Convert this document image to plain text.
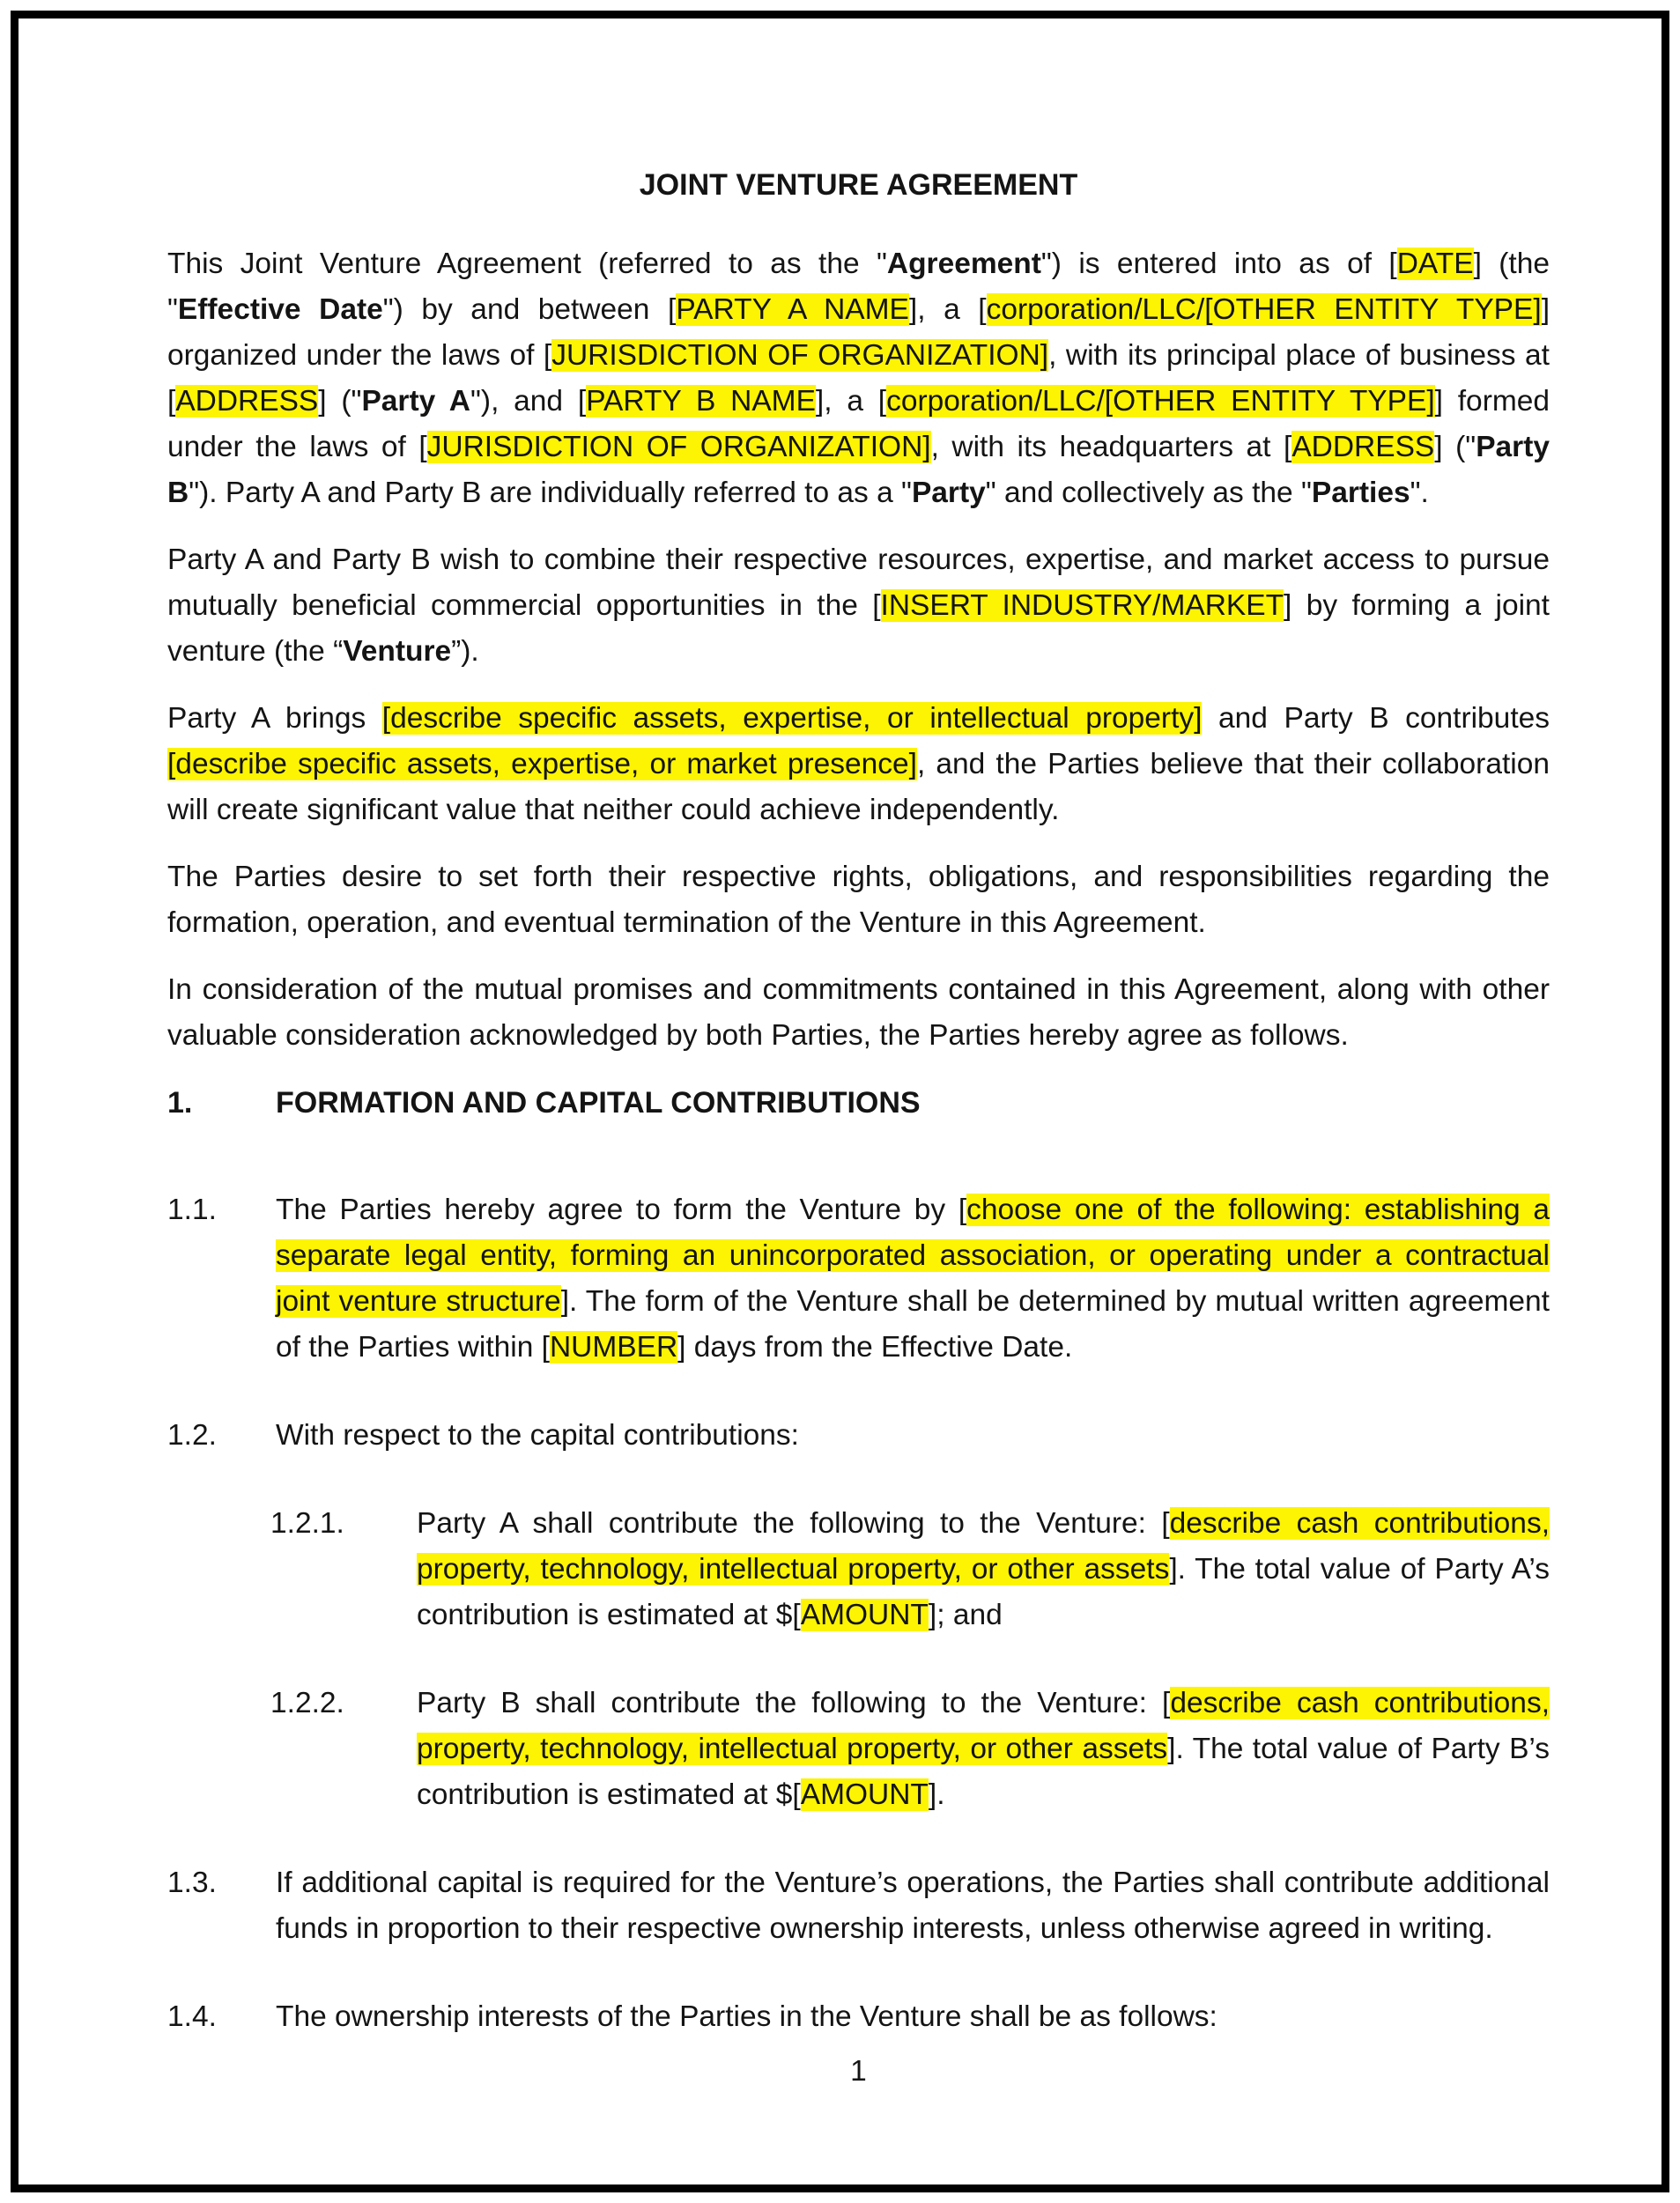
JOINT VENTURE AGREEMENT

This Joint Venture Agreement (referred to as the "Agreement") is entered into as of [DATE] (the "Effective Date") by and between [PARTY A NAME], a [corporation/LLC/[OTHER ENTITY TYPE]] organized under the laws of [JURISDICTION OF ORGANIZATION], with its principal place of business at [ADDRESS] ("Party A"), and [PARTY B NAME], a [corporation/LLC/[OTHER ENTITY TYPE]] formed under the laws of [JURISDICTION OF ORGANIZATION], with its headquarters at [ADDRESS] ("Party B"). Party A and Party B are individually referred to as a "Party" and collectively as the "Parties".

Party A and Party B wish to combine their respective resources, expertise, and market access to pursue mutually beneficial commercial opportunities in the [INSERT INDUSTRY/MARKET] by forming a joint venture (the “Venture”).

Party A brings [describe specific assets, expertise, or intellectual property] and Party B contributes [describe specific assets, expertise, or market presence], and the Parties believe that their collaboration will create significant value that neither could achieve independently.

The Parties desire to set forth their respective rights, obligations, and responsibilities regarding the formation, operation, and eventual termination of the Venture in this Agreement.

In consideration of the mutual promises and commitments contained in this Agreement, along with other valuable consideration acknowledged by both Parties, the Parties hereby agree as follows.

1.	FORMATION AND CAPITAL CONTRIBUTIONS
1.1.	The Parties hereby agree to form the Venture by [choose one of the following: establishing a separate legal entity, forming an unincorporated association, or operating under a contractual joint venture structure]. The form of the Venture shall be determined by mutual written agreement of the Parties within [NUMBER] days from the Effective Date.
1.2.	With respect to the capital contributions:
1.2.1.	Party A shall contribute the following to the Venture: [describe cash contributions, property, technology, intellectual property, or other assets]. The total value of Party A’s contribution is estimated at $[AMOUNT]; and
1.2.2.	Party B shall contribute the following to the Venture: [describe cash contributions, property, technology, intellectual property, or other assets]. The total value of Party B’s contribution is estimated at $[AMOUNT].
1.3.	If additional capital is required for the Venture’s operations, the Parties shall contribute additional funds in proportion to their respective ownership interests, unless otherwise agreed in writing.
1.4.	The ownership interests of the Parties in the Venture shall be as follows:
1
